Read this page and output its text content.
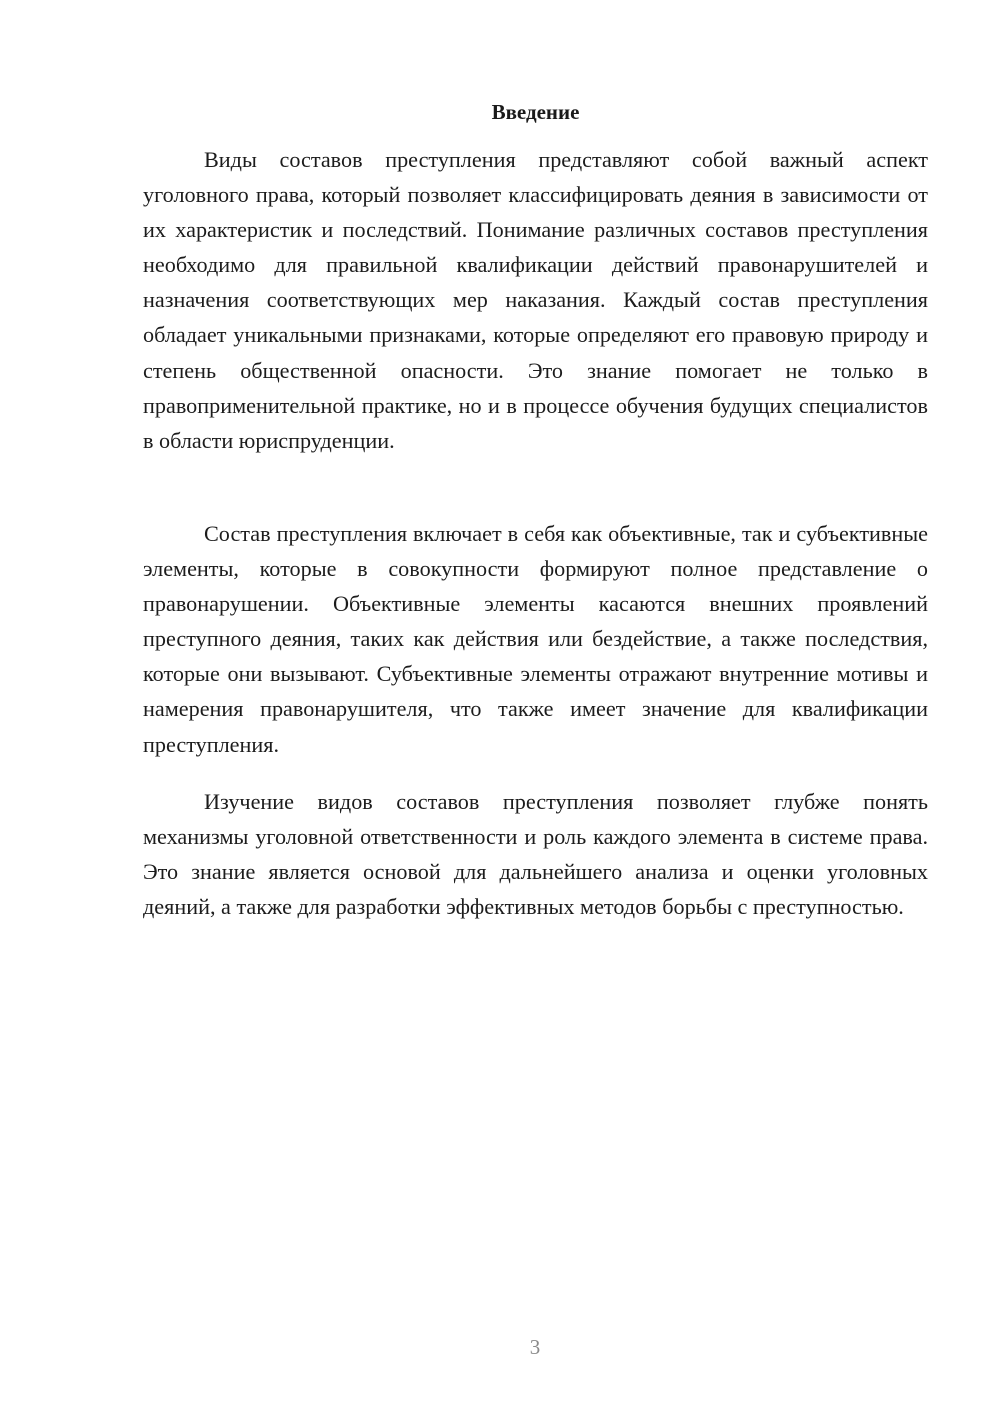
Введение

Виды составов преступления представляют собой важный аспект уголовного права, который позволяет классифицировать деяния в зависимости от их характеристик и последствий. Понимание различных составов преступления необходимо для правильной квалификации действий правонарушителей и назначения соответствующих мер наказания. Каждый состав преступления обладает уникальными признаками, которые определяют его правовую природу и степень общественной опасности. Это знание помогает не только в правоприменительной практике, но и в процессе обучения будущих специалистов в области юриспруденции.

Состав преступления включает в себя как объективные, так и субъективные элементы, которые в совокупности формируют полное представление о правонарушении. Объективные элементы касаются внешних проявлений преступного деяния, таких как действия или бездействие, а также последствия, которые они вызывают. Субъективные элементы отражают внутренние мотивы и намерения правонарушителя, что также имеет значение для квалификации преступления.

Изучение видов составов преступления позволяет глубже понять механизмы уголовной ответственности и роль каждого элемента в системе права. Это знание является основой для дальнейшего анализа и оценки уголовных деяний, а также для разработки эффективных методов борьбы с преступностью.

3
